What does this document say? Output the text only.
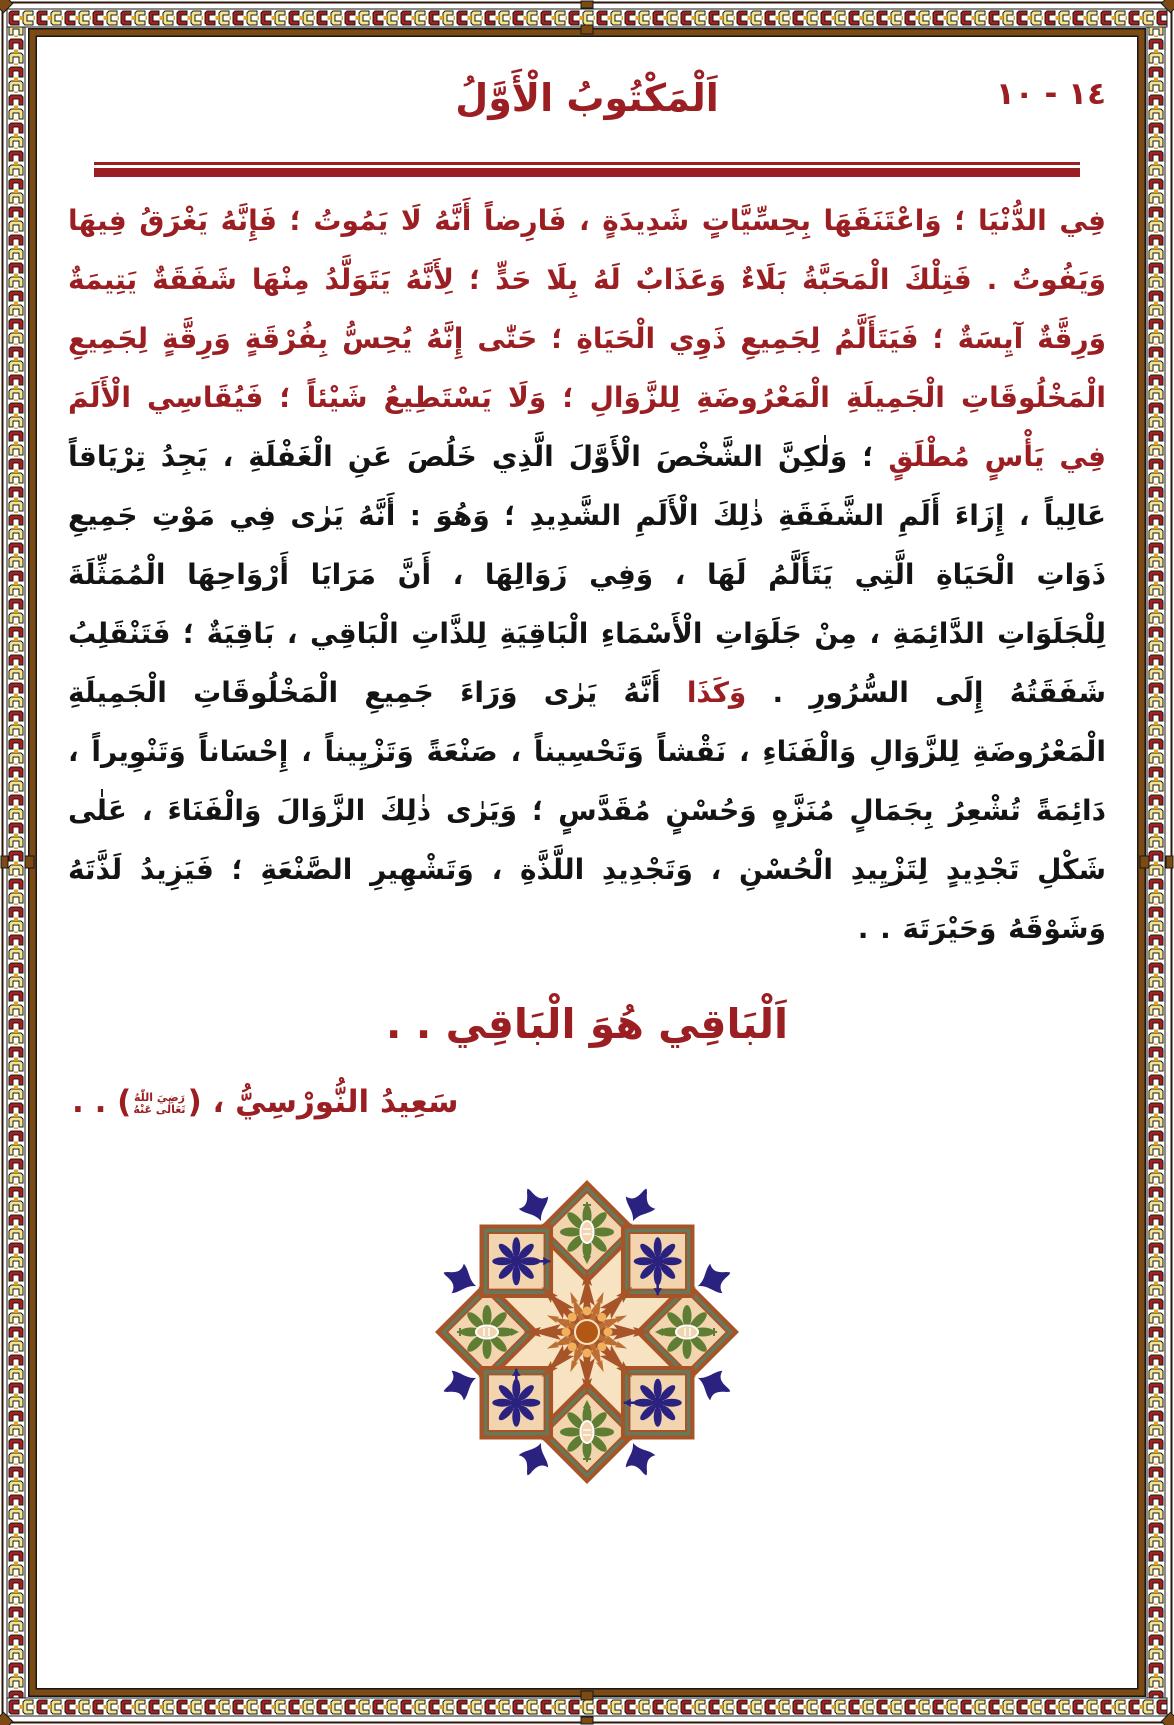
١٤ - ١٠
اَلْمَكْتُوبُ الْأَوَّلُ

فِي الدُّنْيَا ؛ وَاعْتَنَقَهَا بِحِسِّيَّاتٍ شَدِيدَةٍ ، فَارِضاً أَنَّهُ لَا يَمُوتُ ؛ فَإِنَّهُ يَغْرَقُ فِيهَا وَيَفُوتُ . فَتِلْكَ الْمَحَبَّةُ بَلَاءٌ وَعَذَابٌ لَهُ بِلَا حَدٍّ ؛ لِأَنَّهُ يَتَوَلَّدُ مِنْهَا شَفَقَةٌ يَتِيمَةٌ وَرِقَّةٌ آيِسَةٌ ؛ فَيَتَأَلَّمُ لِجَمِيعِ ذَوِي الْحَيَاةِ ؛ حَتّٰى إِنَّهُ يُحِسُّ بِفُرْقَةٍ وَرِقَّةٍ لِجَمِيعِ الْمَخْلُوقَاتِ الْجَمِيلَةِ الْمَعْرُوضَةِ لِلزَّوَالِ ؛ وَلَا يَسْتَطِيعُ شَيْئاً ؛ فَيُقَاسِي الْأَلَمَ فِي يَأْسٍ مُطْلَقٍ ؛ وَلٰكِنَّ الشَّخْصَ الْأَوَّلَ الَّذِي خَلُصَ عَنِ الْغَفْلَةِ ، يَجِدُ تِرْيَاقاً عَالِياً ، إِزَاءَ أَلَمِ الشَّفَقَةِ ذٰلِكَ الْأَلَمِ الشَّدِيدِ ؛ وَهُوَ : أَنَّهُ يَرٰى فِي مَوْتِ جَمِيعِ ذَوَاتِ الْحَيَاةِ الَّتِي يَتَأَلَّمُ لَهَا ، وَفِي زَوَالِهَا ، أَنَّ مَرَايَا أَرْوَاحِهَا الْمُمَثِّلَةَ لِلْجَلَوَاتِ الدَّائِمَةِ ، مِنْ جَلَوَاتِ الْأَسْمَاءِ الْبَاقِيَةِ لِلذَّاتِ الْبَاقِي ، بَاقِيَةٌ ؛ فَتَنْقَلِبُ شَفَقَتُهُ إِلَى السُّرُورِ . وَكَذَا أَنَّهُ يَرٰى وَرَاءَ جَمِيعِ الْمَخْلُوقَاتِ الْجَمِيلَةِ الْمَعْرُوضَةِ لِلزَّوَالِ وَالْفَنَاءِ ، نَقْشاً وَتَحْسِيناً ، صَنْعَةً وَتَزْيِيناً ، إِحْسَاناً وَتَنْوِيراً ، دَائِمَةً تُشْعِرُ بِجَمَالٍ مُنَزَّهٍ وَحُسْنٍ مُقَدَّسٍ ؛ وَيَرٰى ذٰلِكَ الزَّوَالَ وَالْفَنَاءَ ، عَلٰى شَكْلِ تَجْدِيدٍ لِتَزْيِيدِ الْحُسْنِ ، وَتَجْدِيدِ اللَّذَّةِ ، وَتَشْهِيرِ الصَّنْعَةِ ؛ فَيَزِيدُ لَذَّتَهُ وَشَوْقَهُ وَحَيْرَتَهَ . .

اَلْبَاقِي هُوَ الْبَاقِي . .
سَعِيدُ النُّورْسِيُّ ، (رَضِيَ اللّٰهُ
تَعَالٰى عَنْهُ) . .
